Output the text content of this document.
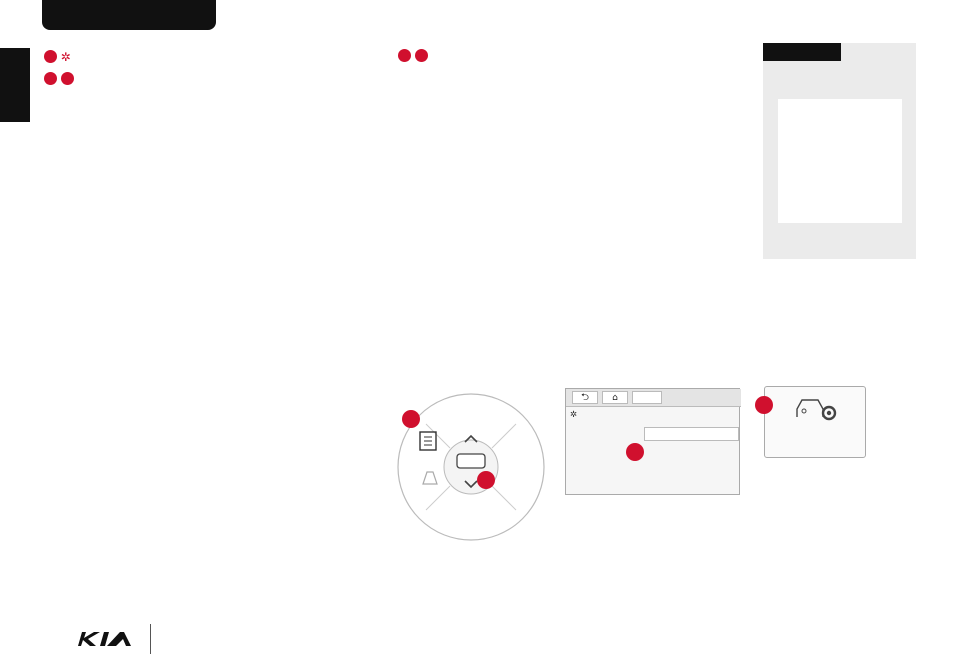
✲

⮌	⌂
✲
